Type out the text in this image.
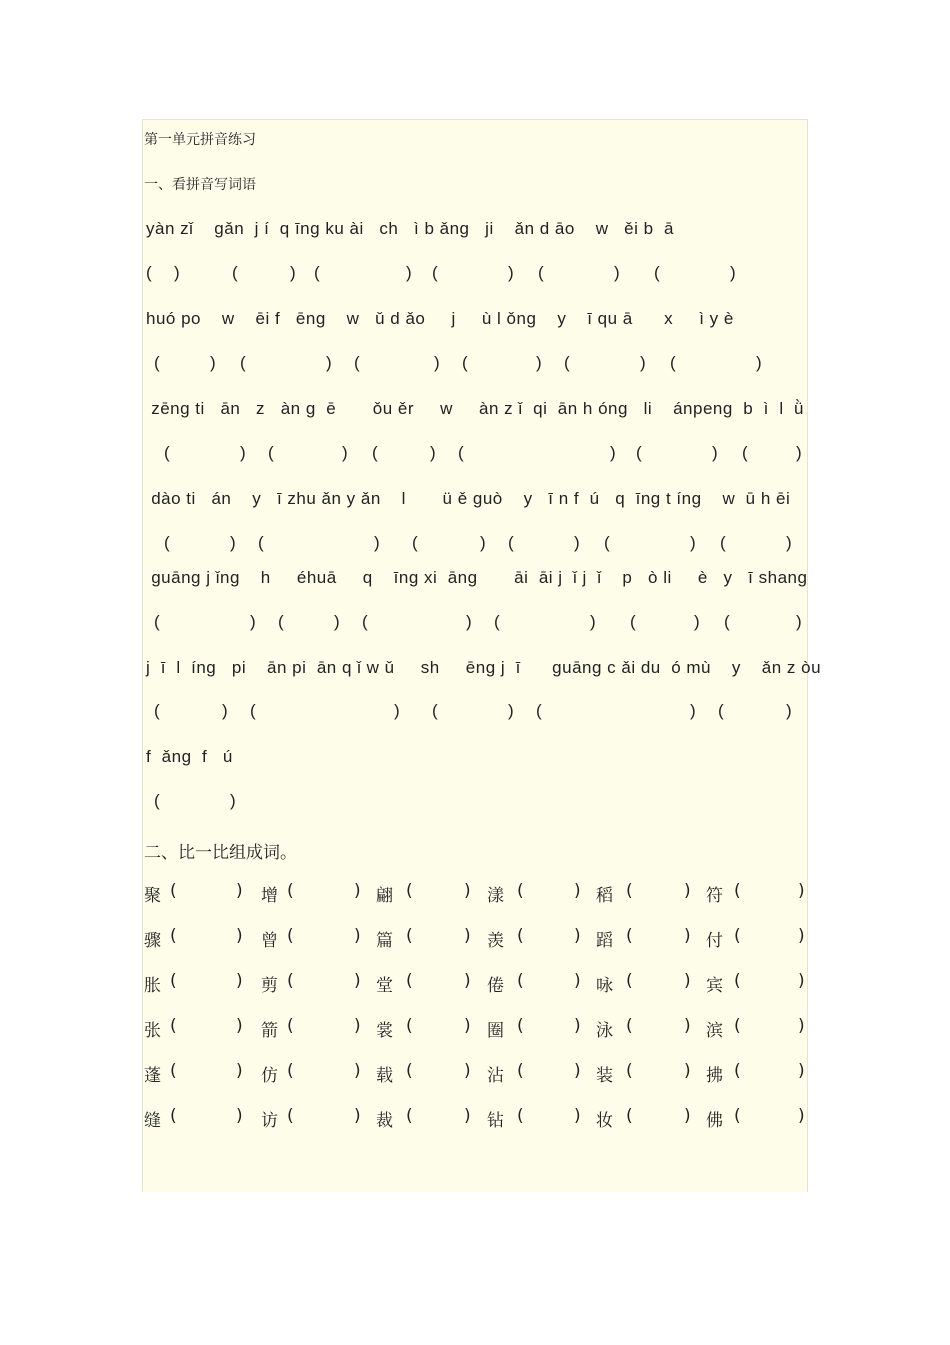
第一单元拼音练习
一、看拼音写词语
yàn zǐ    gǎn  j í  q īng ku ài   ch   ì b ǎng   ji    ǎn d āo    w   ěi b  ā
( )	(	) (	) (	) (	) (	)
huó po    w    ēi f   ēng    w   ǔ d ǎo     j     ù l ǒng    y    ī qu ā      x     ì y è
(	) (	) (	) (	) (	) (	)
zēng ti   ān   z   àn g  ē       ǒu ěr     w     àn z ǐ  qi  ān h óng   li    ánpeng  b  ì  l  ǜ
(	) (	) (	) (	) (	) (	)
dào ti   án    y   ī zhu ǎn y ǎn    l       ü ě guò    y   ī n f  ú   q  īng t íng    w  ū h ēi
(	) (	) (	) (	) (	) (	)
guāng j ǐng    h     éhuā     q    īng xi  āng       āi  āi j  ǐ j  ǐ    p   ò li     è   y   ī shang
(	) (	) (	) (	) (	) (	)
j  ī  l  íng   pi    ān pi  ān q ǐ w ǔ     sh     ēng j  ī      guāng c ǎi du  ó mù    y    ǎn z òu
(	) (	) (	) (	) (	)
f  ǎng  f   ú
(	)
二、比一比组成词。
聚 (	) 增 (	) 翩 (	) 漾 (	) 稻 (	) 符 (	)
骤 (	) 曾 (	) 篇 (	) 羡 (	) 蹈 (	) 付 (	)
胀 (	) 剪 (	) 堂 (	) 倦 (	) 咏 (	) 宾 (	)
张 (	) 箭 (	) 裳 (	) 圈 (	) 泳 (	) 滨 (	)
蓬 (	) 仿 (	) 载 (	) 沾 (	) 装 (	) 拂 (	)
缝 (	) 访 (	) 裁 (	) 钻 (	) 妆 (	) 佛 (	)
